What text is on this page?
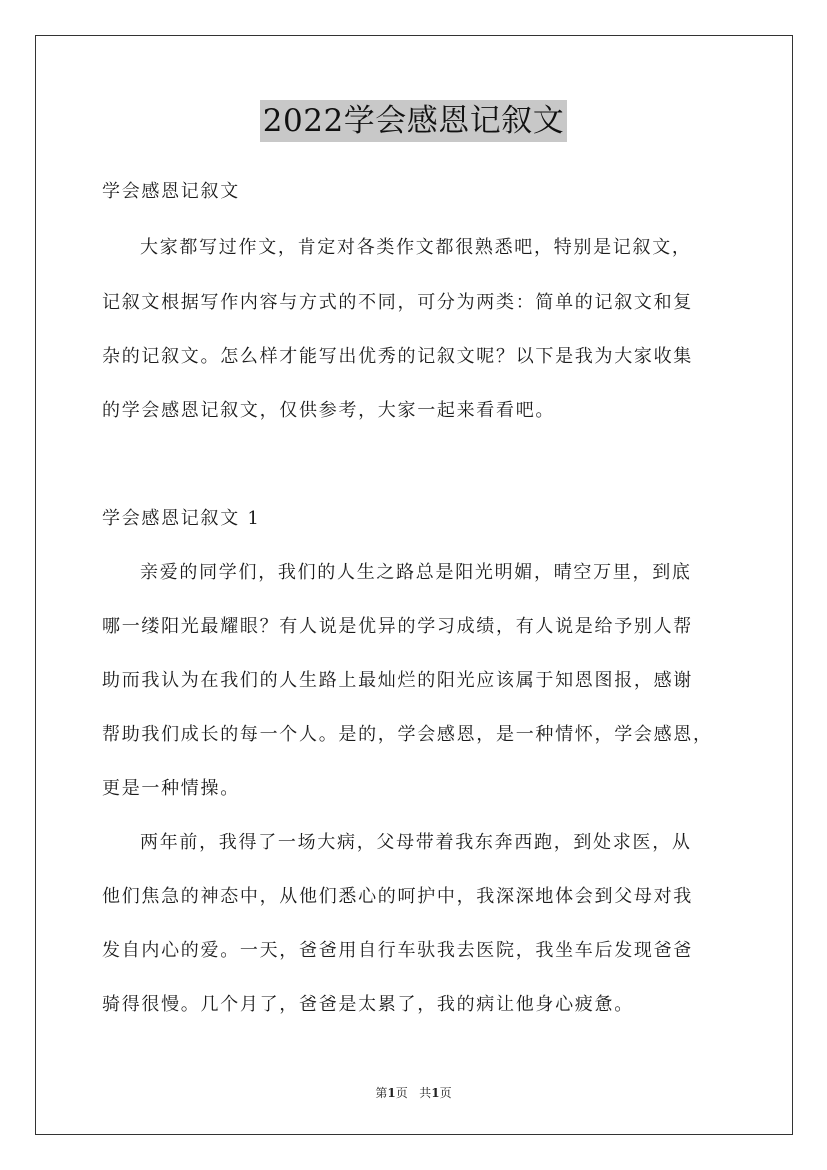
2022学会感恩记叙文
学会感恩记叙文
大家都写过作文，肯定对各类作文都很熟悉吧，特别是记叙文，
记叙文根据写作内容与方式的不同，可分为两类：简单的记叙文和复
杂的记叙文。怎么样才能写出优秀的记叙文呢？以下是我为大家收集
的学会感恩记叙文，仅供参考，大家一起来看看吧。
学会感恩记叙文 1
亲爱的同学们，我们的人生之路总是阳光明媚，晴空万里，到底
哪一缕阳光最耀眼？有人说是优异的学习成绩，有人说是给予别人帮
助而我认为在我们的人生路上最灿烂的阳光应该属于知恩图报，感谢
帮助我们成长的每一个人。是的，学会感恩，是一种情怀，学会感恩，
更是一种情操。
两年前，我得了一场大病，父母带着我东奔西跑，到处求医，从
他们焦急的神态中，从他们悉心的呵护中，我深深地体会到父母对我
发自内心的爱。一天，爸爸用自行车驮我去医院，我坐车后发现爸爸
骑得很慢。几个月了，爸爸是太累了，我的病让他身心疲惫。
第1页 共1页
